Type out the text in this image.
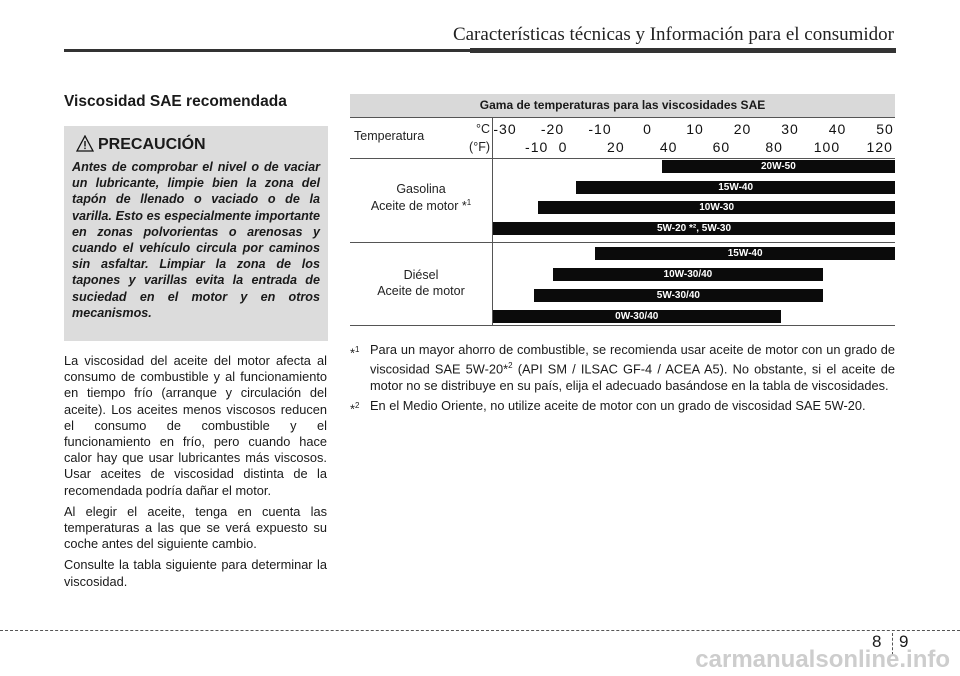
Características técnicas y Información para el consumidor
Viscosidad SAE recomendada
PRECAUCIÓN

Antes de comprobar el nivel o de vaciar un lubricante, limpie bien la zona del tapón de llenado o vaciado o de la varilla. Esto es especialmente importante en zonas polvorientas o arenosas y cuando el vehículo circula por caminos sin asfaltar. Limpiar la zona de los tapones y varillas evita la entrada de suciedad en el motor y en otros mecanismos.

La viscosidad del aceite del motor afecta al consumo de combustible y al funcionamiento en tiempo frío (arranque y circulación del aceite). Los aceites menos viscosos reducen el consumo de combustible y el funcionamiento en frío, pero cuando hace calor hay que usar lubricantes más viscosos. Usar aceites de viscosidad distinta de la recomendada podría dañar el motor.

Al elegir el aceite, tenga en cuenta las temperaturas a las que se verá expuesto su coche antes del siguiente cambio.

Consulte la tabla siguiente para determinar la viscosidad.

Gama de temperaturas para las viscosidades SAE
Temperatura	°C
(°F)
Gasolina
Aceite de motor *$^1$
Diésel
Aceite de motor
-30 -20 -10	0	10	20	30	40	50
-10 0	20	40	60	80	100 120
20W-50
15W-40
10W-30
5W-20 *², 5W-30
15W-40
10W-30/40
5W-30/40
0W-30/40
*$^1$ Para un mayor ahorro de combustible, se recomienda usar aceite de motor con un grado de viscosidad SAE 5W-20*$^2$ (API SM / ILSAC GF-4 / ACEA A5). No obstante, si el aceite de motor no se distribuye en su país, elija el adecuado basándose en la tabla de viscosidades.
*$^2$ En el Medio Oriente, no utilize aceite de motor con un grado de viscosidad SAE 5W-20.
8 9
carmanualsonline.info
